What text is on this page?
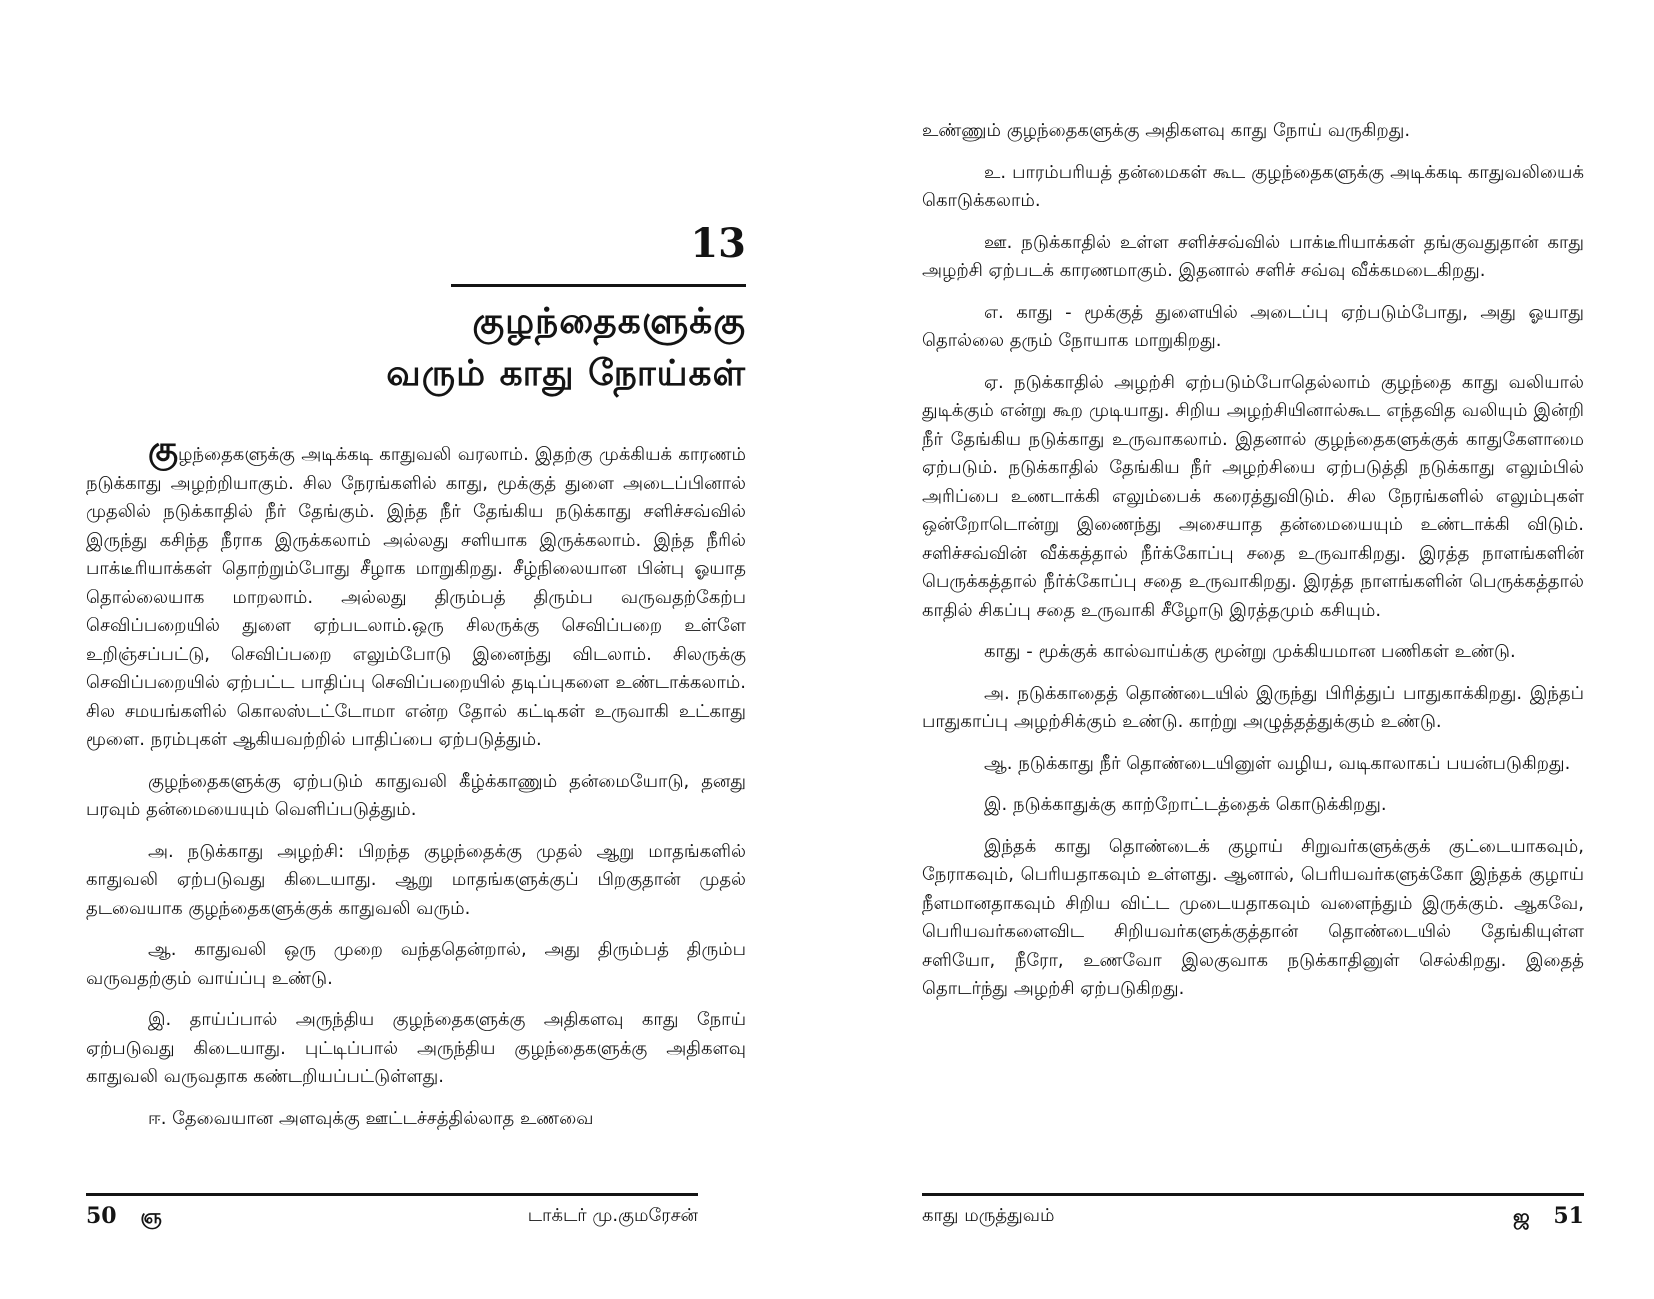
13
குழந்தைகளுக்கு
வரும் காது நோய்கள்

குழந்தைகளுக்கு அடிக்கடி காதுவலி வரலாம். இதற்கு முக்கியக் காரணம் நடுக்காது அழற்றியாகும். சில நேரங்களில் காது, மூக்குத் துளை அடைப்பினால் முதலில் நடுக்காதில் நீர் தேங்கும். இந்த நீர் தேங்கிய நடுக்காது சளிச்சவ்வில் இருந்து கசிந்த நீராக இருக்கலாம் அல்லது சளியாக இருக்கலாம். இந்த நீரில் பாக்டீரியாக்கள் தொற்றும்போது சீழாக மாறுகிறது. சீழ்நிலையான பின்பு ஓயாத தொல்லையாக மாறலாம். அல்லது திரும்பத் திரும்ப வருவதற்கேற்ப செவிப்பறையில் துளை ஏற்படலாம்.ஒரு சிலருக்கு செவிப்பறை உள்ளே உறிஞ்சப்பட்டு, செவிப்பறை எலும்போடு இனைந்து விடலாம். சிலருக்கு செவிப்பறையில் ஏற்பட்ட பாதிப்பு செவிப்பறையில் தடிப்புகளை உண்டாக்கலாம். சில சமயங்களில் கொலஸ்டட்டோமா என்ற தோல் கட்டிகள் உருவாகி உட்காது மூளை. நரம்புகள் ஆகியவற்றில் பாதிப்பை ஏற்படுத்தும்.

குழந்தைகளுக்கு ஏற்படும் காதுவலி கீழ்க்காணும் தன்மையோடு, தனது பரவும் தன்மையையும் வெளிப்படுத்தும்.

அ. நடுக்காது அழற்சி: பிறந்த குழந்தைக்கு முதல் ஆறு மாதங்களில் காதுவலி ஏற்படுவது கிடையாது. ஆறு மாதங்களுக்குப் பிறகுதான் முதல் தடவையாக குழந்தைகளுக்குக் காதுவலி வரும்.

ஆ. காதுவலி ஒரு முறை வந்ததென்றால், அது திரும்பத் திரும்ப வருவதற்கும் வாய்ப்பு உண்டு.

இ. தாய்ப்பால் அருந்திய குழந்தைகளுக்கு அதிகளவு காது நோய் ஏற்படுவது கிடையாது. புட்டிப்பால் அருந்திய குழந்தைகளுக்கு அதிகளவு காதுவலி வருவதாக கண்டறியப்பட்டுள்ளது.

ஈ. தேவையான அளவுக்கு ஊட்டச்சத்தில்லாத உணவை

50 ஞ	டாக்டர் மு.குமரேசன்

உண்ணும் குழந்தைகளுக்கு அதிகளவு காது நோய் வருகிறது.

உ. பாரம்பரியத் தன்மைகள் கூட குழந்தைகளுக்கு அடிக்கடி காதுவலியைக் கொடுக்கலாம்.

ஊ. நடுக்காதில் உள்ள சளிச்சவ்வில் பாக்டீரியாக்கள் தங்குவதுதான் காது அழற்சி ஏற்படக் காரணமாகும். இதனால் சளிச் சவ்வு வீக்கமடைகிறது.

எ. காது - மூக்குத் துளையில் அடைப்பு ஏற்படும்போது, அது ஓயாது தொல்லை தரும் நோயாக மாறுகிறது.

ஏ. நடுக்காதில் அழற்சி ஏற்படும்போதெல்லாம் குழந்தை காது வலியால் துடிக்கும் என்று கூற முடியாது. சிறிய அழற்சியினால்கூட எந்தவித வலியும் இன்றி நீர் தேங்கிய நடுக்காது உருவாகலாம். இதனால் குழந்தைகளுக்குக் காதுகேளாமை ஏற்படும். நடுக்காதில் தேங்கிய நீர் அழற்சியை ஏற்படுத்தி நடுக்காது எலும்பில் அரிப்பை உணடாக்கி எலும்பைக் கரைத்துவிடும். சில நேரங்களில் எலும்புகள் ஒன்றோடொன்று இணைந்து அசையாத தன்மையையும் உண்டாக்கி விடும். சளிச்சவ்வின் வீக்கத்தால் நீர்க்கோப்பு சதை உருவாகிறது. இரத்த நாளங்களின் பெருக்கத்தால் நீர்க்கோப்பு சதை உருவாகிறது. இரத்த நாளங்களின் பெருக்கத்தால் காதில் சிகப்பு சதை உருவாகி சீழோடு இரத்தமும் கசியும்.

காது - மூக்குக் கால்வாய்க்கு மூன்று முக்கியமான பணிகள் உண்டு.

அ. நடுக்காதைத் தொண்டையில் இருந்து பிரித்துப் பாதுகாக்கிறது. இந்தப் பாதுகாப்பு அழற்சிக்கும் உண்டு. காற்று அழுத்தத்துக்கும் உண்டு.

ஆ. நடுக்காது நீர் தொண்டையினுள் வழிய, வடிகாலாகப் பயன்படுகிறது.

இ. நடுக்காதுக்கு காற்றோட்டத்தைக் கொடுக்கிறது.

இந்தக் காது தொண்டைக் குழாய் சிறுவர்களுக்குக் குட்டையாகவும், நேராகவும், பெரியதாகவும் உள்ளது. ஆனால், பெரியவர்களுக்கோ இந்தக் குழாய் நீளமானதாகவும் சிறிய விட்ட முடையதாகவும் வளைந்தும் இருக்கும். ஆகவே, பெரியவர்களைவிட சிறியவர்களுக்குத்தான் தொண்டையில் தேங்கியுள்ள சளியோ, நீரோ, உணவோ இலகுவாக நடுக்காதினுள் செல்கிறது. இதைத் தொடர்ந்து அழற்சி ஏற்படுகிறது.

காது மருத்துவம்	ஜ 51
